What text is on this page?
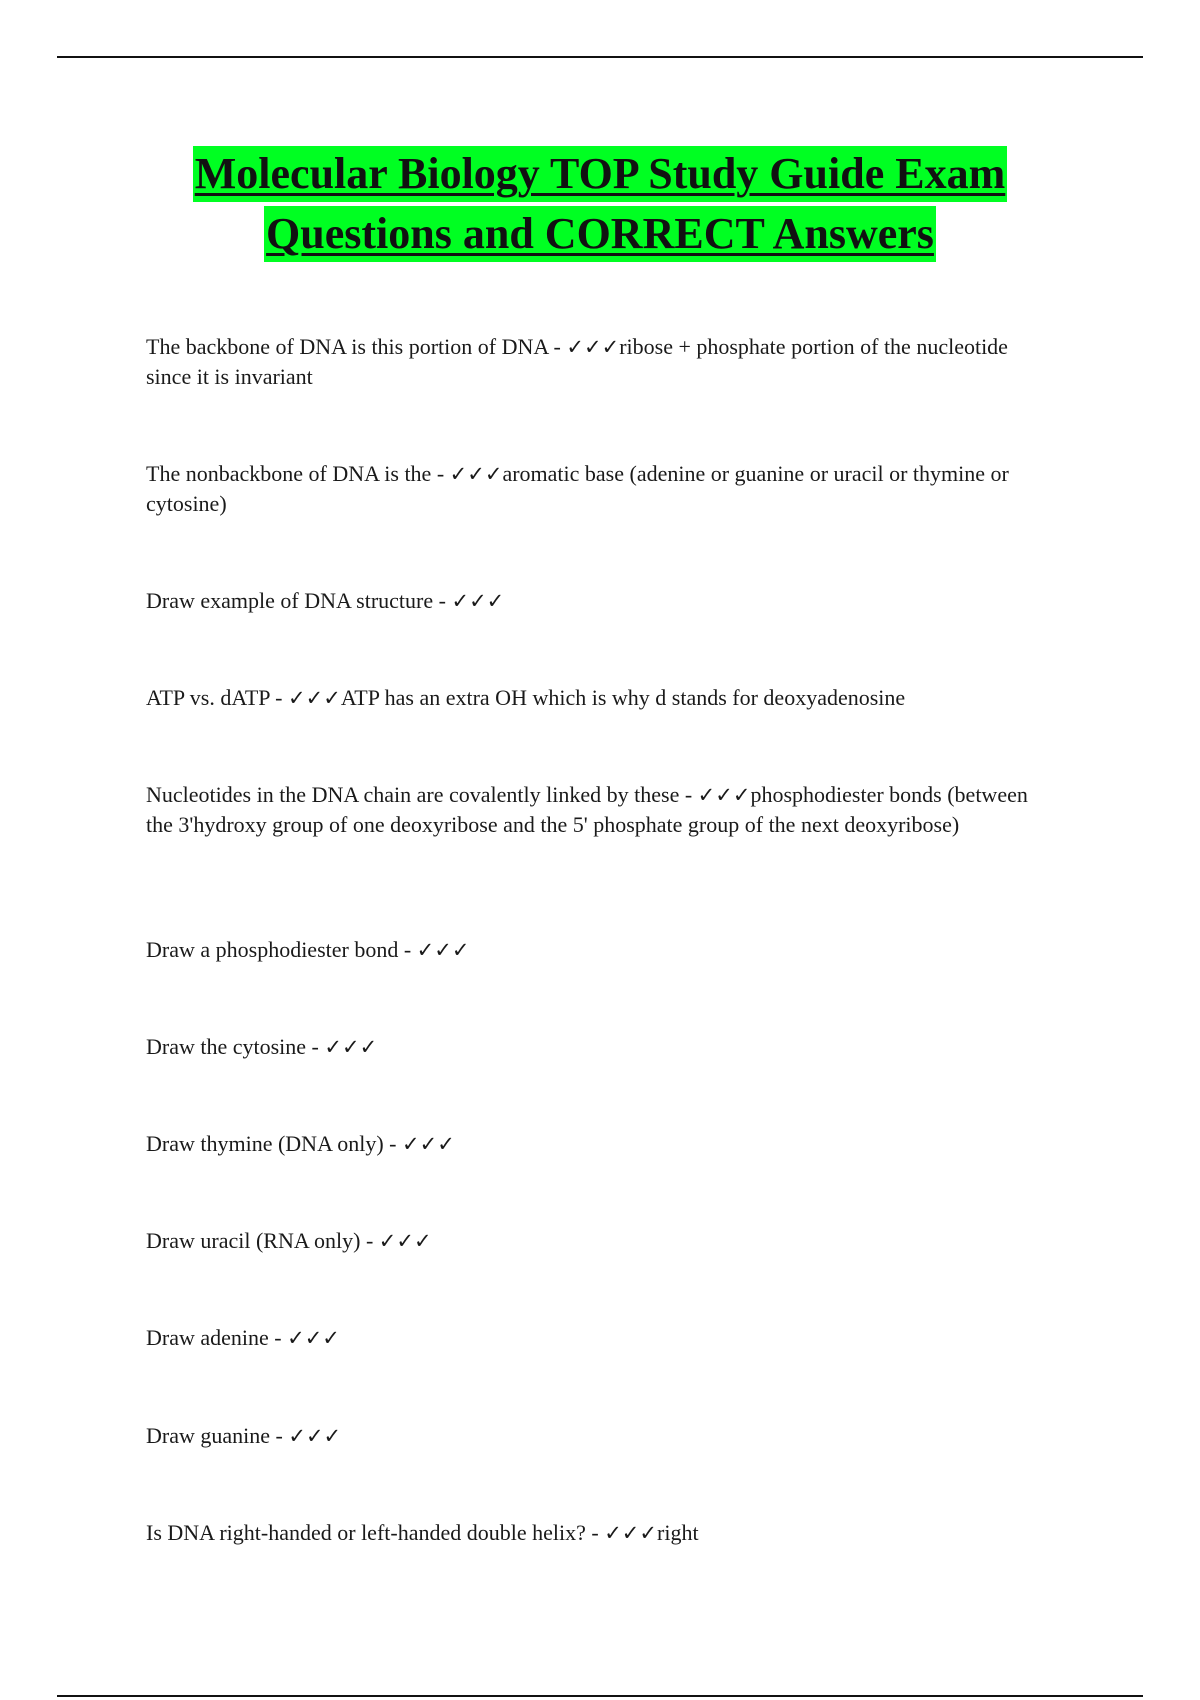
Molecular Biology TOP Study Guide Exam
Questions and CORRECT Answers
The backbone of DNA is this portion of DNA - ✓✓✓ribose + phosphate portion of the nucleotide since it is invariant
The nonbackbone of DNA is the - ✓✓✓aromatic base (adenine or guanine or uracil or thymine or cytosine)
Draw example of DNA structure - ✓✓✓
ATP vs. dATP - ✓✓✓ATP has an extra OH which is why d stands for deoxyadenosine
Nucleotides in the DNA chain are covalently linked by these - ✓✓✓phosphodiester bonds (between the 3'hydroxy group of one deoxyribose and the 5' phosphate group of the next deoxyribose)
Draw a phosphodiester bond - ✓✓✓
Draw the cytosine - ✓✓✓
Draw thymine (DNA only) - ✓✓✓
Draw uracil (RNA only) - ✓✓✓
Draw adenine - ✓✓✓
Draw guanine - ✓✓✓
Is DNA right-handed or left-handed double helix? - ✓✓✓right
